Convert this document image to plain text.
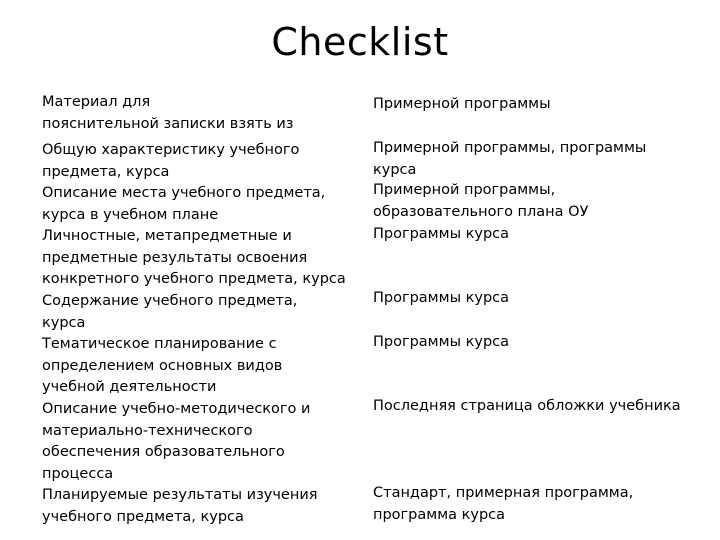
Checklist

Материал для
пояснительной записки взять из

Общую характеристику учебного
предмета, курса

Описание места учебного предмета,
курса в учебном плане

Личностные, метапредметные и
предметные результаты освоения
конкретного учебного предмета, курса

Содержание учебного предмета,
курса

Тематическое планирование с
определением основных видов
учебной деятельности

Описание учебно-методического и
материально-технического
обеспечения образовательного
процесса

Планируемые результаты изучения
учебного предмета, курса

Примерной программы

Примерной программы, программы
курса

Примерной программы,
образовательного плана ОУ

Программы курса

Программы курса

Программы курса

Последняя страница обложки учебника

Стандарт, примерная программа,
программа курса
